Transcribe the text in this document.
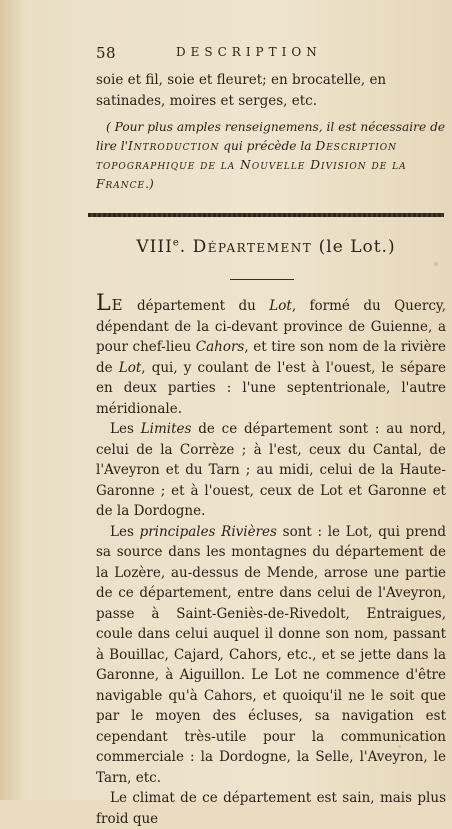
58	DESCRIPTION
soie et fil, soie et fleuret; en brocatelle, en satinades, moires et serges, etc.
( Pour plus amples renseignemens, il est nécessaire de lire l'Introduction qui précède la Description topographique de la Nouvelle Division de la France.)
VIIIe. Département (le Lot.)

Le département du Lot, formé du Quercy, dépendant de la ci-devant province de Guienne, a pour chef-lieu Cahors, et tire son nom de la rivière de Lot, qui, y coulant de l'est à l'ouest, le sépare en deux parties : l'une septentrionale, l'autre méridionale.

Les Limites de ce département sont : au nord, celui de la Corrèze ; à l'est, ceux du Cantal, de l'Aveyron et du Tarn ; au midi, celui de la Haute-Garonne ; et à l'ouest, ceux de Lot et Garonne et de la Dordogne.

Les principales Rivières sont : le Lot, qui prend sa source dans les montagnes du département de la Lozère, au-dessus de Mende, arrose une partie de ce département, entre dans celui de l'Aveyron, passe à Saint-Geniès-de-Rivedolt, Entraigues, coule dans celui auquel il donne son nom, passant à Bouillac, Cajard, Cahors, etc., et se jette dans la Garonne, à Aiguillon. Le Lot ne commence d'être navigable qu'à Cahors, et quoiqu'il ne le soit que par le moyen des écluses, sa navigation est cependant très-utile pour la communication commerciale : la Dordogne, la Selle, l'Aveyron, le Tarn, etc.

Le climat de ce département est sain, mais plus froid que
